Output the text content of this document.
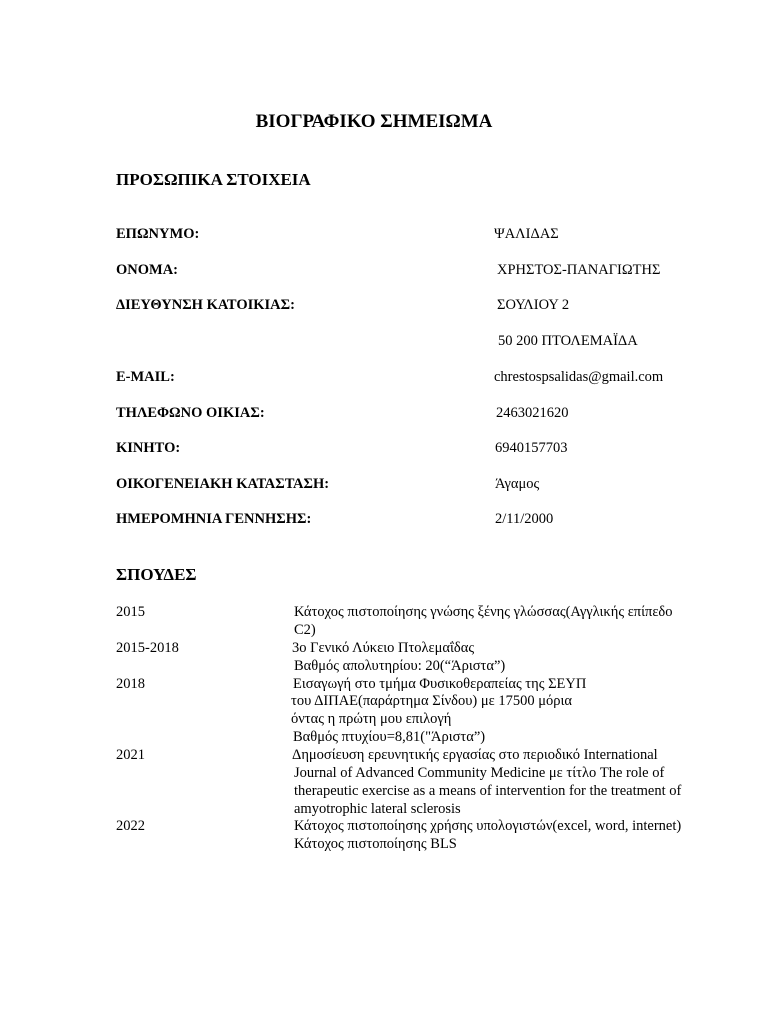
ΒΙΟΓΡΑΦΙΚΟ ΣΗΜΕΙΩΜΑ
ΠΡΟΣΩΠΙΚΑ ΣΤΟΙΧΕΙΑ
ΕΠΩΝΥΜΟ:	ΨΑΛΙΔΑΣ
ΟΝΟΜΑ:	ΧΡΗΣΤΟΣ-ΠΑΝΑΓΙΩΤΗΣ
ΔΙΕΥΘΥΝΣΗ ΚΑΤΟΙΚΙΑΣ:	ΣΟΥΛΙΟΥ 2
50 200 ΠΤΟΛΕΜΑΪΔΑ
E-MAIL:	chrestospsalidas@gmail.com
ΤΗΛΕΦΩΝΟ ΟΙΚΙΑΣ:	2463021620
ΚΙΝΗΤΟ:	6940157703
ΟΙΚΟΓΕΝΕΙΑΚΗ ΚΑΤΑΣΤΑΣΗ:	Άγαμος
ΗΜΕΡΟΜΗΝΙΑ ΓΕΝΝΗΣΗΣ:	2/11/2000
ΣΠΟΥΔΕΣ
2015	Κάτοχος πιστοποίησης γνώσης ξένης γλώσσας(Αγγλικής επίπεδο
C2)
2015-2018	3ο Γενικό Λύκειο Πτολεμαΐδας
Βαθμός απολυτηρίου: 20(“Άριστα”)
2018	Εισαγωγή στο τμήμα Φυσικοθεραπείας της ΣΕΥΠ
του ΔΙΠΑΕ(παράρτημα Σίνδου) με 17500 μόρια
όντας η πρώτη μου επιλογή
Βαθμός πτυχίου=8,81("Άριστα”)
2021	Δημοσίευση ερευνητικής εργασίας στο περιοδικό International
Journal of Advanced Community Medicine με τίτλο The role of
therapeutic exercise as a means of intervention for the treatment of
amyotrophic lateral sclerosis
2022	Κάτοχος πιστοποίησης χρήσης υπολογιστών(excel, word, internet)
Κάτοχος πιστοποίησης BLS
